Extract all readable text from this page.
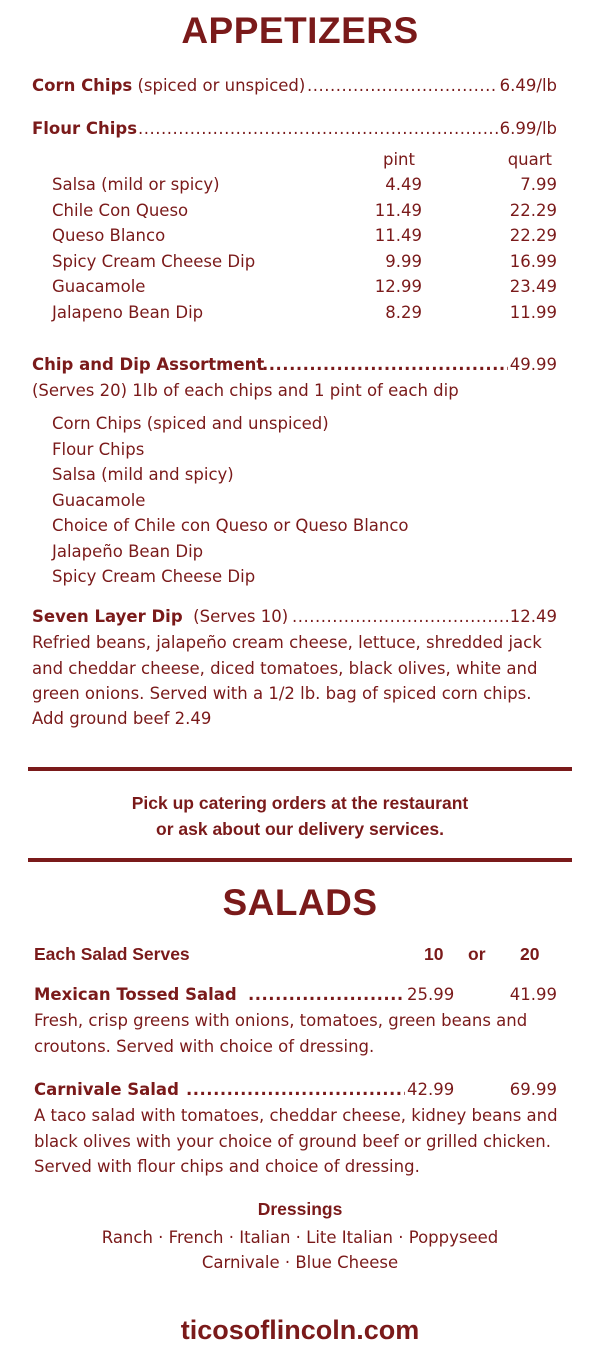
APPETIZERS
Corn Chips (spiced or unspiced) .....	6.49/lb
Flour Chips .....	6.99/lb
pint	quart
Salsa (mild or spicy)	4.49	7.99
Chile Con Queso	11.49	22.29
Queso Blanco	11.49	22.29
Spicy Cream Cheese Dip	9.99	16.99
Guacamole	12.99	23.49
Jalapeno Bean Dip	8.29	11.99
Chip and Dip Assortment .....	49.99
(Serves 20) 1lb of each chips and 1 pint of each dip
Corn Chips (spiced and unspiced)
Flour Chips
Salsa (mild and spicy)
Guacamole
Choice of Chile con Queso or Queso Blanco
Jalapeño Bean Dip
Spicy Cream Cheese Dip
Seven Layer Dip (Serves 10) .....	12.49
Refried beans, jalapeño cream cheese, lettuce, shredded jack and cheddar cheese, diced tomatoes, black olives, white and green onions. Served with a 1/2 lb. bag of spiced corn chips.
Add ground beef 2.49
Pick up catering orders at the restaurant
or ask about our delivery services.
SALADS
Each Salad Serves	10 or 20
Mexican Tossed Salad .....	25.99	41.99
Fresh, crisp greens with onions, tomatoes, green beans and croutons. Served with choice of dressing.
Carnivale Salad .....	42.99	69.99
A taco salad with tomatoes, cheddar cheese, kidney beans and black olives with your choice of ground beef or grilled chicken. Served with flour chips and choice of dressing.
Dressings
Ranch · French · Italian · Lite Italian · Poppyseed
Carnivale · Blue Cheese
ticosoflincoln.com
